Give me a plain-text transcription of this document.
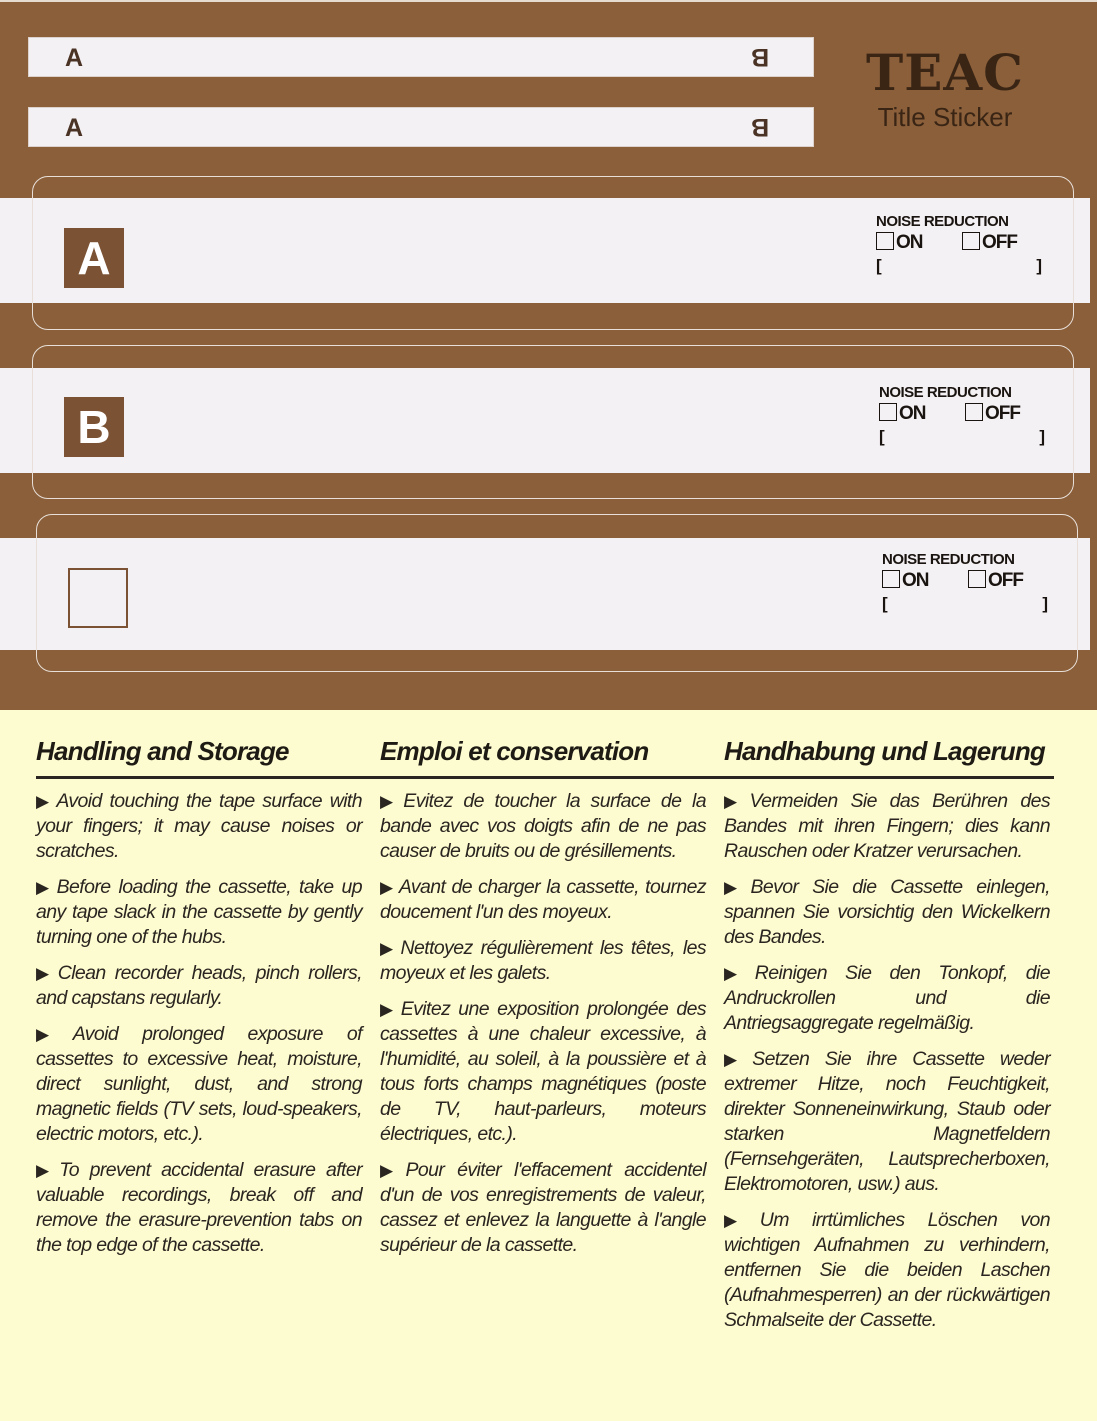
A	B
A	B
TEAC
Title Sticker
A
NOISE REDUCTION
ON	OFF
[	]
B
NOISE REDUCTION
ON	OFF
[	]
NOISE REDUCTION
ON	OFF
[	]
Handling and Storage

▶ Avoid touching the tape surface with your fingers; it may cause noises or scratches.

▶ Before loading the cassette, take up any tape slack in the cassette by gently turning one of the hubs.

▶ Clean recorder heads, pinch rollers, and capstans regularly.

▶ Avoid prolonged exposure of cassettes to excessive heat, moisture, direct sunlight, dust, and strong magnetic fields (TV sets, loud-speakers, electric motors, etc.).

▶ To prevent accidental erasure after valuable recordings, break off and remove the erasure-prevention tabs on the top edge of the cassette.

Emploi et conservation

▶ Evitez de toucher la surface de la bande avec vos doigts afin de ne pas causer de bruits ou de grésillements.

▶ Avant de charger la cassette, tournez doucement l'un des moyeux.

▶ Nettoyez régulièrement les têtes, les moyeux et les galets.

▶ Evitez une exposition prolongée des cassettes à une chaleur excessive, à l'humidité, au soleil, à la poussière et à tous forts champs magnétiques (poste de TV, haut-parleurs, moteurs électriques, etc.).

▶ Pour éviter l'effacement accidentel d'un de vos enregistrements de valeur, cassez et enlevez la languette à l'angle supérieur de la cassette.

Handhabung und Lagerung

▶ Vermeiden Sie das Berühren des Bandes mit ihren Fingern; dies kann Rauschen oder Kratzer verursachen.

▶ Bevor Sie die Cassette einlegen, spannen Sie vorsichtig den Wickelkern des Bandes.

▶ Reinigen Sie den Tonkopf, die Andruckrollen und die Antriegsaggregate regelmäßig.

▶ Setzen Sie ihre Cassette weder extremer Hitze, noch Feuchtigkeit, direkter Sonneneinwirkung, Staub oder starken Magnetfeldern (Fernsehgeräten, Lautsprecherboxen, Elektromotoren, usw.) aus.

▶ Um irrtümliches Löschen von wichtigen Aufnahmen zu verhindern, entfernen Sie die beiden Laschen (Aufnahmesperren) an der rückwärtigen Schmalseite der Cassette.
